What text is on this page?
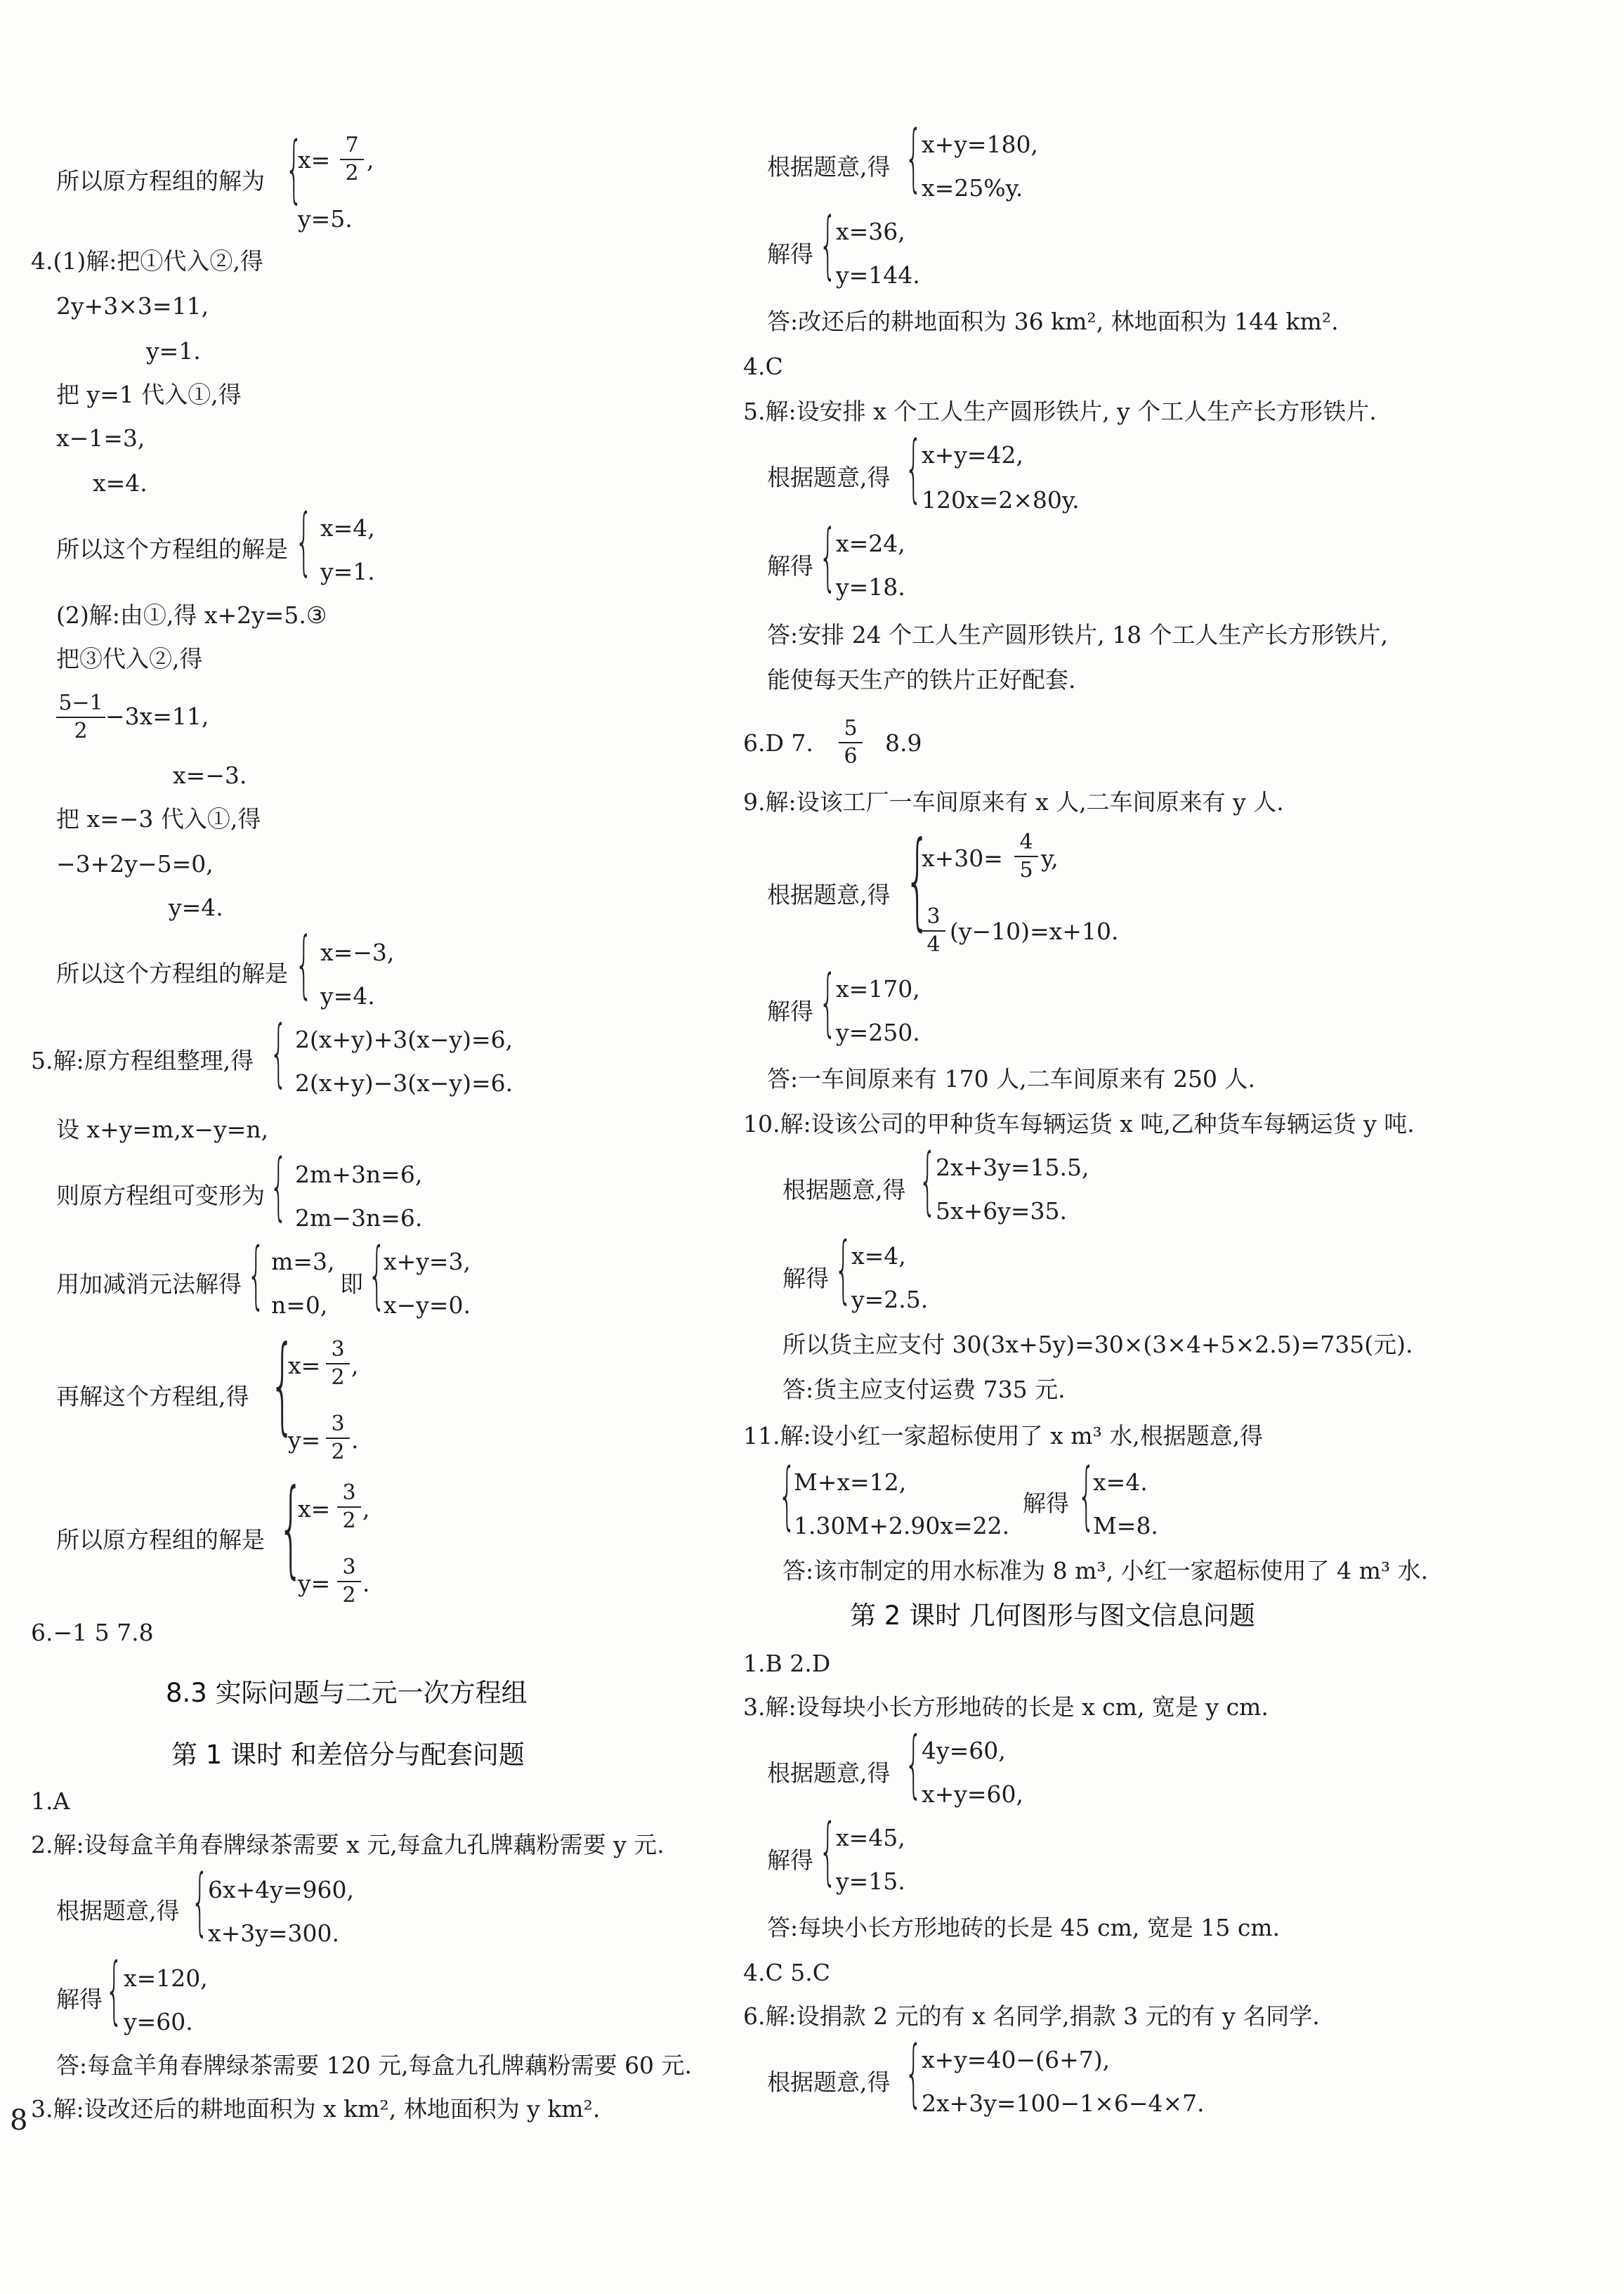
所以原方程组的解为 {
x=
7
2 ,
y=5.
4.(1)解:把①代入②,得
2y+3×3=11,
y=1.
把 y=1 代入①,得
x−1=3,
x=4.
所以这个方程组的解是 { x=4,
y=1.
(2)解:由①,得 x+2y=5.③
把③代入②,得
5−1
2
−3x=11,
x=−3.
把 x=−3 代入①,得
−3+2y−5=0,
y=4.
所以这个方程组的解是 { x=−3,
y=4.
5.解:原方程组整理,得 { 2(x+y)+3(x−y)=6,
2(x+y)−3(x−y)=6.
设 x+y=m,x−y=n,
则原方程组可变形为 { 2m+3n=6,
2m−3n=6.
用加减消元法解得 { m=3,
n=0,
即 {
x+y=3,
x−y=0.
再解这个方程组,得 {
x=
3
2 ,
y=
3
2 .
所以原方程组的解是 {
x=
3
2 ,
y=
3
2 .
6.−1 5 7.8
8.3 实际问题与二元一次方程组
第 1 课时 和差倍分与配套问题
1.A
2.解:设每盒羊角春牌绿茶需要 x 元,每盒九孔牌藕粉需要 y 元.
根据题意,得 {
6x+4y=960,
x+3y=300.
解得 { x=120,
y=60.
答:每盒羊角春牌绿茶需要 120 元,每盒九孔牌藕粉需要 60 元.
3.解:设改还后的耕地面积为 x km², 林地面积为 y km².
根据题意,得 {
x+y=180,
x=25%y.
解得 {
x=36,
y=144.
答:改还后的耕地面积为 36 km², 林地面积为 144 km².
4.C
5.解:设安排 x 个工人生产圆形铁片, y 个工人生产长方形铁片.
根据题意,得 {
x+y=42,
120x=2×80y.
解得 {
x=24,
y=18.
答:安排 24 个工人生产圆形铁片, 18 个工人生产长方形铁片,
能使每天生产的铁片正好配套.
6.D 7.
5
6 8.9
9.解:设该工厂一车间原来有 x 人,二车间原来有 y 人.
根据题意,得 {
x+30=
4
5 y,
3
4 (y−10)=x+10.
解得 {
x=170,
y=250.
答:一车间原来有 170 人,二车间原来有 250 人.
10.解:设该公司的甲种货车每辆运货 x 吨,乙种货车每辆运货 y 吨.
根据题意,得 {
2x+3y=15.5,
5x+6y=35.
解得 {
x=4,
y=2.5.
所以货主应支付 30(3x+5y)=30×(3×4+5×2.5)=735(元).
答:货主应支付运费 735 元.
11.解:设小红一家超标使用了 x m³ 水,根据题意,得
{
M+x=12,
1.30M+2.90x=22.
解得 {
x=4.
M=8.
答:该市制定的用水标准为 8 m³, 小红一家超标使用了 4 m³ 水.
第 2 课时 几何图形与图文信息问题
1.B 2.D
3.解:设每块小长方形地砖的长是 x cm, 宽是 y cm.
根据题意,得 {
4y=60,
x+y=60,
解得 {
x=45,
y=15.
答:每块小长方形地砖的长是 45 cm, 宽是 15 cm.
4.C 5.C
6.解:设捐款 2 元的有 x 名同学,捐款 3 元的有 y 名同学.
根据题意,得 {
x+y=40−(6+7),
2x+3y=100−1×6−4×7.
8
